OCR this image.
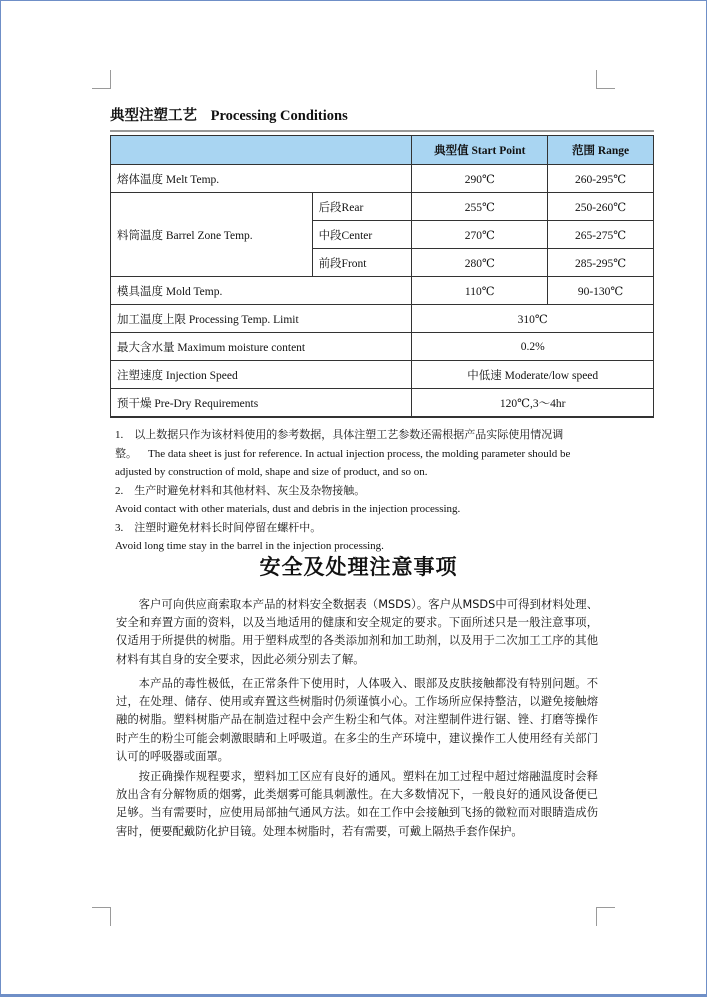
典型注塑工艺 Processing Conditions
		典型值 Start Point	范围 Range
熔体温度 Melt Temp.		290℃	260-295℃
料筒温度 Barrel Zone Temp.	后段Rear	255℃	250-260℃
	中段Center	270℃	265-275℃
	前段Front	280℃	285-295℃
模具温度 Mold Temp.		110℃	90-130℃
加工温度上限 Processing Temp. Limit		310℃	
最大含水量 Maximum moisture content		0.2%	
注塑速度 Injection Speed		中低速 Moderate/low speed	
预干燥 Pre-Dry Requirements		120℃,3～4hr	

1.　以上数据只作为该材料使用的参考数据，具体注塑工艺参数还需根据产品实际使用情况调整。 The data sheet is just for reference. In actual injection process, the molding parameter should be adjusted by construction of mold, shape and size of product, and so on.

2.　生产时避免材料和其他材料、灰尘及杂物接触。

Avoid contact with other materials, dust and debris in the injection processing.

3.　注塑时避免材料长时间停留在螺杆中。

Avoid long time stay in the barrel in the injection processing.

安全及处理注意事项

客户可向供应商索取本产品的材料安全数据表（MSDS）。客户从MSDS中可得到材料处理、安全和弃置方面的资料，以及当地适用的健康和安全规定的要求。下面所述只是一般注意事项，仅适用于所提供的树脂。用于塑料成型的各类添加剂和加工助剂，以及用于二次加工工序的其他材料有其自身的安全要求，因此必须分别去了解。

本产品的毒性极低，在正常条件下使用时，人体吸入、眼部及皮肤接触都没有特别问题。不过，在处理、储存、使用或弃置这些树脂时仍须谨慎小心。工作场所应保持整洁，以避免接触熔融的树脂。塑料树脂产品在制造过程中会产生粉尘和气体。对注塑制件进行锯、锉、打磨等操作时产生的粉尘可能会刺激眼睛和上呼吸道。在多尘的生产环境中，建议操作工人使用经有关部门认可的呼吸器或面罩。

按正确操作规程要求，塑料加工区应有良好的通风。塑料在加工过程中超过熔融温度时会释放出含有分解物质的烟雾，此类烟雾可能具刺激性。在大多数情况下，一般良好的通风设备便已足够。当有需要时，应使用局部抽气通风方法。如在工作中会接触到飞扬的微粒而对眼睛造成伤害时，便要配戴防化护目镜。处理本树脂时，若有需要，可戴上隔热手套作保护。
